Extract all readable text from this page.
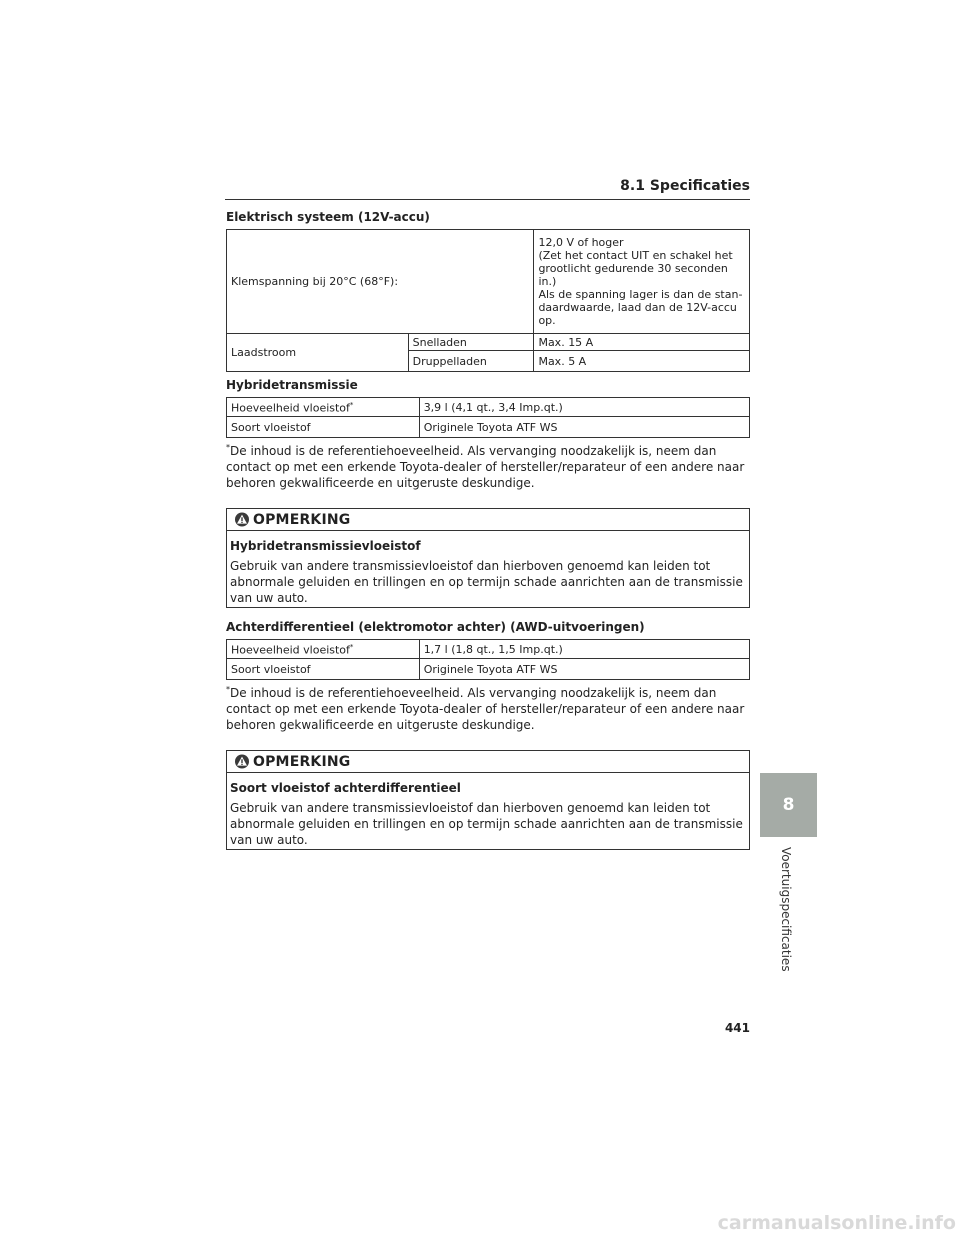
8.1 Specificaties
Elektrisch systeem (12V-accu)
Klemspanning bij 20°C (68°F):		12,0 V of hoger
(Zet het contact UIT en schakel het grootlicht gedurende 30 seconden in.)
Als de spanning lager is dan de stan-daardwaarde, laad dan de 12V-accu op.

Laadstroom	Snelladen	Max. 15 A
	Druppelladen	Max. 5 A
Hybridetransmissie
Hoeveelheid vloeistof*	3,9 l (4,1 qt., 3,4 Imp.qt.)
Soort vloeistof	Originele Toyota ATF WS
*De inhoud is de referentiehoeveelheid. Als vervanging noodzakelijk is, neem dan contact op met een erkende Toyota-dealer of hersteller/reparateur of een andere naar behoren gekwalificeerde en uitgeruste deskundige.
OPMERKING
Hybridetransmissievloeistof
Gebruik van andere transmissievloeistof dan hierboven genoemd kan leiden tot abnormale geluiden en trillingen en op termijn schade aanrichten aan de transmissie van uw auto.
Achterdifferentieel (elektromotor achter) (AWD-uitvoeringen)
Hoeveelheid vloeistof*	1,7 l (1,8 qt., 1,5 Imp.qt.)
Soort vloeistof	Originele Toyota ATF WS
*De inhoud is de referentiehoeveelheid. Als vervanging noodzakelijk is, neem dan contact op met een erkende Toyota-dealer of hersteller/reparateur of een andere naar behoren gekwalificeerde en uitgeruste deskundige.
OPMERKING
Soort vloeistof achterdifferentieel
Gebruik van andere transmissievloeistof dan hierboven genoemd kan leiden tot abnormale geluiden en trillingen en op termijn schade aanrichten aan de transmissie van uw auto.
8
Voertuigspecificaties
441
carmanualsonline.info
